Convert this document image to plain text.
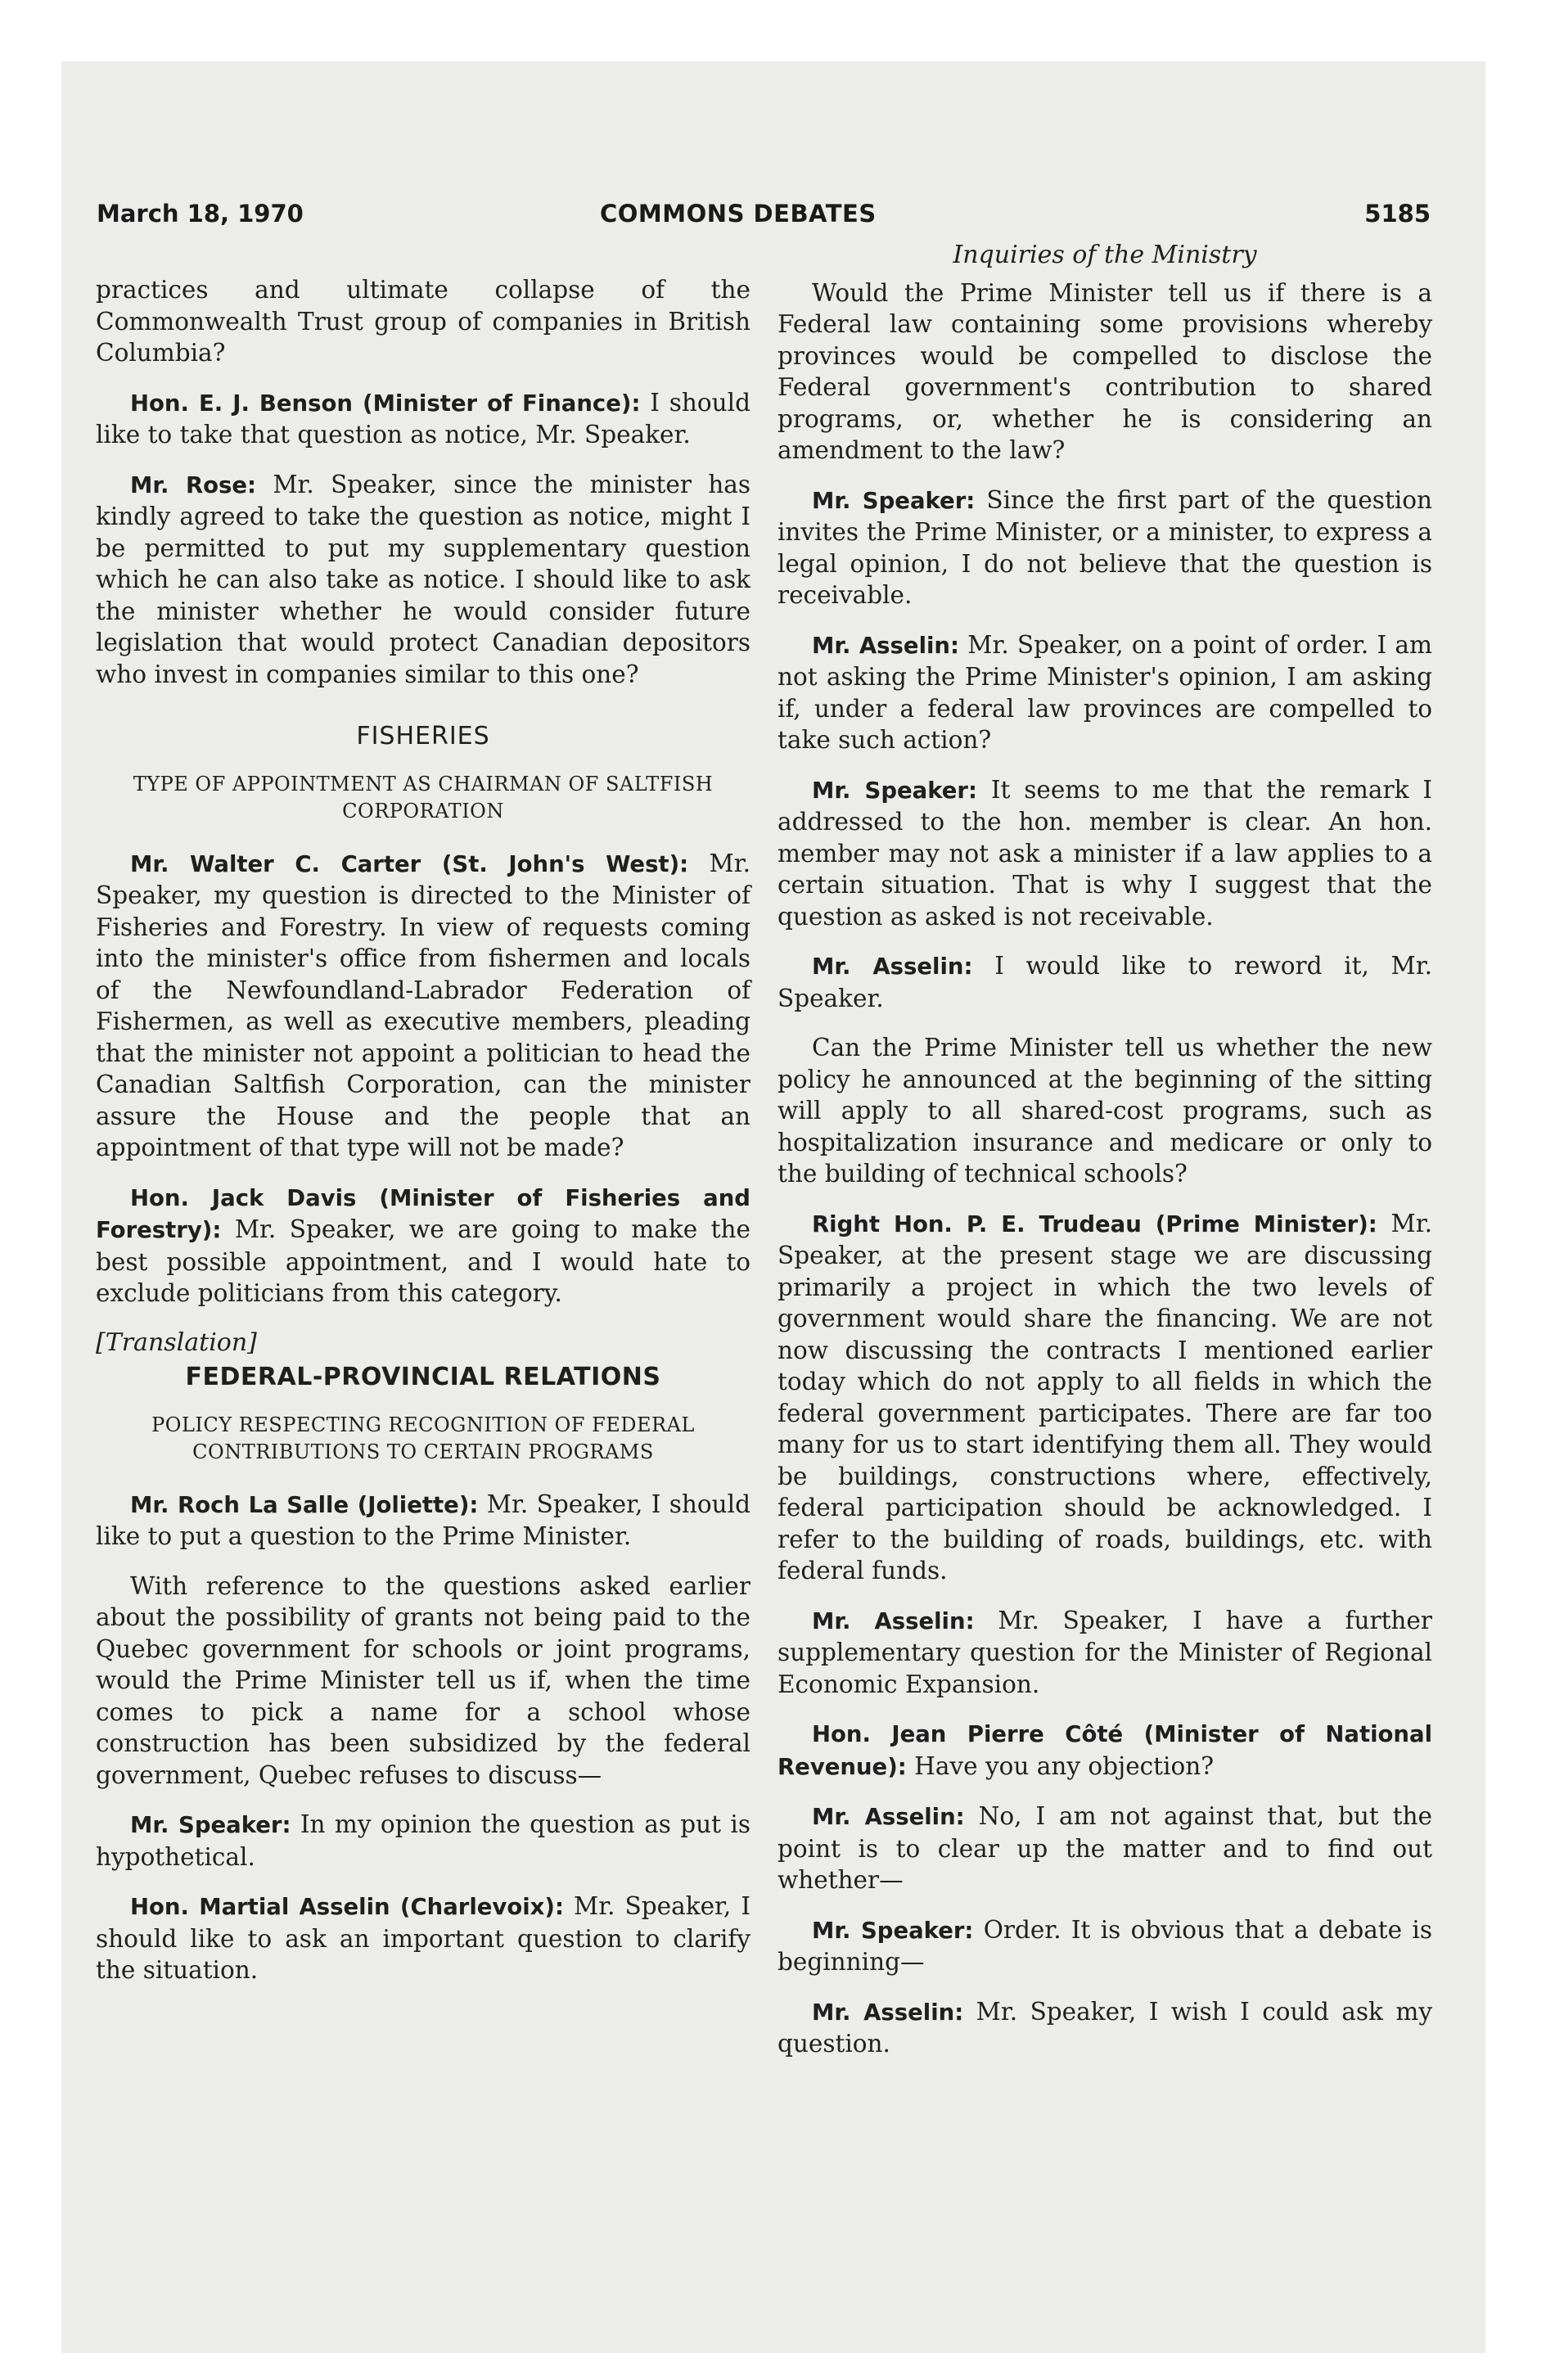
March 18, 1970	COMMONS DEBATES	5185

practices and ultimate collapse of the Commonwealth Trust group of companies in British Columbia?

Hon. E. J. Benson (Minister of Finance): I should like to take that question as notice, Mr. Speaker.

Mr. Rose: Mr. Speaker, since the minister has kindly agreed to take the question as notice, might I be permitted to put my supplementary question which he can also take as notice. I should like to ask the minister whether he would consider future legislation that would protect Canadian depositors who invest in companies similar to this one?

FISHERIES
TYPE OF APPOINTMENT AS CHAIRMAN OF SALTFISH CORPORATION

Mr. Walter C. Carter (St. John's West): Mr. Speaker, my question is directed to the Minister of Fisheries and Forestry. In view of requests coming into the minister's office from fishermen and locals of the Newfoundland-Labrador Federation of Fishermen, as well as executive members, pleading that the minister not appoint a politician to head the Canadian Saltfish Corporation, can the minister assure the House and the people that an appointment of that type will not be made?

Hon. Jack Davis (Minister of Fisheries and Forestry): Mr. Speaker, we are going to make the best possible appointment, and I would hate to exclude politicians from this category.

[Translation]
FEDERAL-PROVINCIAL RELATIONS
POLICY RESPECTING RECOGNITION OF FEDERAL CONTRIBUTIONS TO CERTAIN PROGRAMS

Mr. Roch La Salle (Joliette): Mr. Speaker, I should like to put a question to the Prime Minister.

With reference to the questions asked earlier about the possibility of grants not being paid to the Quebec government for schools or joint programs, would the Prime Minister tell us if, when the time comes to pick a name for a school whose construction has been subsidized by the federal government, Quebec refuses to discuss—

Mr. Speaker: In my opinion the question as put is hypothetical.

Hon. Martial Asselin (Charlevoix): Mr. Speaker, I should like to ask an important question to clarify the situation.

Inquiries of the Ministry

Would the Prime Minister tell us if there is a Federal law containing some provisions whereby provinces would be compelled to disclose the Federal government's contribution to shared programs, or, whether he is considering an amendment to the law?

Mr. Speaker: Since the first part of the question invites the Prime Minister, or a minister, to express a legal opinion, I do not believe that the question is receivable.

Mr. Asselin: Mr. Speaker, on a point of order. I am not asking the Prime Minister's opinion, I am asking if, under a federal law provinces are compelled to take such action?

Mr. Speaker: It seems to me that the remark I addressed to the hon. member is clear. An hon. member may not ask a minister if a law applies to a certain situation. That is why I suggest that the question as asked is not receivable.

Mr. Asselin: I would like to reword it, Mr. Speaker.

Can the Prime Minister tell us whether the new policy he announced at the beginning of the sitting will apply to all shared-cost programs, such as hospitalization insurance and medicare or only to the building of technical schools?

Right Hon. P. E. Trudeau (Prime Minister): Mr. Speaker, at the present stage we are discussing primarily a project in which the two levels of government would share the financing. We are not now discussing the contracts I mentioned earlier today which do not apply to all fields in which the federal government participates. There are far too many for us to start identifying them all. They would be buildings, constructions where, effectively, federal participation should be acknowledged. I refer to the building of roads, buildings, etc. with federal funds.

Mr. Asselin: Mr. Speaker, I have a further supplementary question for the Minister of Regional Economic Expansion.

Hon. Jean Pierre Côté (Minister of National Revenue): Have you any objection?

Mr. Asselin: No, I am not against that, but the point is to clear up the matter and to find out whether—

Mr. Speaker: Order. It is obvious that a debate is beginning—

Mr. Asselin: Mr. Speaker, I wish I could ask my question.
